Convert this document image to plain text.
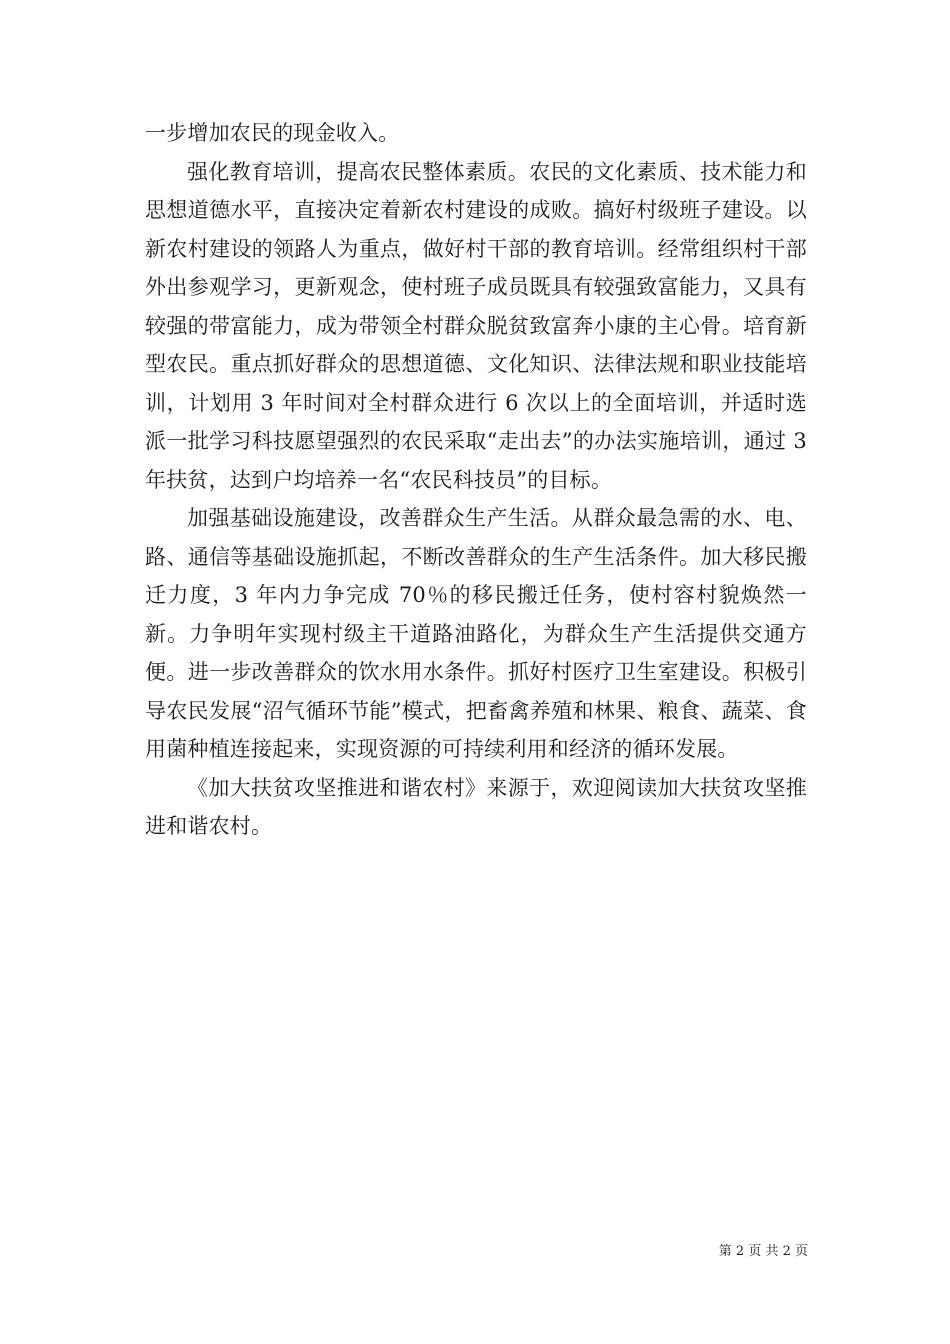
一步增加农民的现金收入。

强化教育培训，提高农民整体素质。农民的文化素质、技术能力和思想道德水平，直接决定着新农村建设的成败。搞好村级班子建设。以新农村建设的领路人为重点，做好村干部的教育培训。经常组织村干部外出参观学习，更新观念，使村班子成员既具有较强致富能力，又具有较强的带富能力，成为带领全村群众脱贫致富奔小康的主心骨。培育新型农民。重点抓好群众的思想道德、文化知识、法律法规和职业技能培训，计划用 3 年时间对全村群众进行 6 次以上的全面培训，并适时选派一批学习科技愿望强烈的农民采取“走出去”的办法实施培训，通过 3 年扶贫，达到户均培养一名“农民科技员”的目标。

加强基础设施建设，改善群众生产生活。从群众最急需的水、电、路、通信等基础设施抓起，不断改善群众的生产生活条件。加大移民搬迁力度，3 年内力争完成 70％的移民搬迁任务，使村容村貌焕然一新。力争明年实现村级主干道路油路化，为群众生产生活提供交通方便。进一步改善群众的饮水用水条件。抓好村医疗卫生室建设。积极引导农民发展“沼气循环节能”模式，把畜禽养殖和林果、粮食、蔬菜、食用菌种植连接起来，实现资源的可持续利用和经济的循环发展。

《加大扶贫攻坚推进和谐农村》来源于，欢迎阅读加大扶贫攻坚推进和谐农村。

第 2 页 共 2 页
